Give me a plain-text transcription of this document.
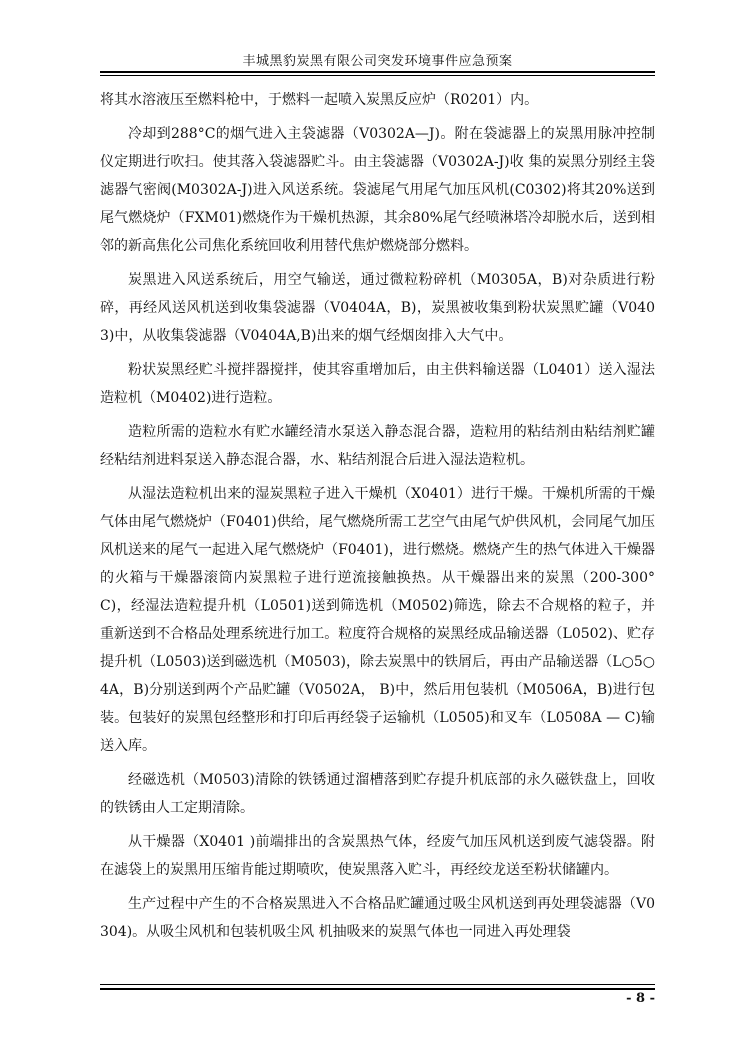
丰城黑豹炭黑有限公司突发环境事件应急预案

将其水溶液压至燃料枪中，于燃料一起喷入炭黑反应炉（R0201）内。

冷却到288°C的烟气进入主袋滤器（V0302A—J)。附在袋滤器上的炭黑用脉冲控制仪定期进行吹扫。使其落入袋滤器贮斗。由主袋滤器（V0302A-J)收 集的炭黑分别经主袋滤器气密阀(M0302A-J)进入风送系统。袋滤尾气用尾气加压风机(C0302)将其20%送到尾气燃烧炉（FXM01)燃烧作为干燥机热源，其余80%尾气经喷淋塔冷却脱水后，送到相邻的新高焦化公司焦化系统回收利用替代焦炉燃烧部分燃料。

炭黑进入风送系统后，用空气输送，通过微粒粉碎机（M0305A，B)对杂质进行粉碎，再经风送风机送到收集袋滤器（V0404A，B)，炭黑被收集到粉状炭黑贮罐（V0403)中，从收集袋滤器（V0404A,B)出来的烟气经烟囱排入大气中。

粉状炭黑经贮斗搅拌器搅拌，使其容重增加后，由主供料输送器（L0401）送入湿法造粒机（M0402)进行造粒。

造粒所需的造粒水有贮水罐经清水泵送入静态混合器，造粒用的粘结剂由粘结剂贮罐经粘结剂进料泵送入静态混合器，水、粘结剂混合后进入湿法造粒机。

从湿法造粒机出来的湿炭黑粒子进入干燥机（X0401）进行干燥。干燥机所需的干燥气体由尾气燃烧炉（F0401)供给，尾气燃烧所需工艺空气由尾气炉供风机，会同尾气加压风机送来的尾气一起进入尾气燃烧炉（F0401)，进行燃烧。燃烧产生的热气体进入干燥器的火箱与干燥器滚筒内炭黑粒子进行逆流接触换热。从干燥器出来的炭黑（200-300°C)，经湿法造粒提升机（L0501)送到筛选机（M0502)筛选，除去不合规格的粒子，并重新送到不合格品处理系统进行加工。粒度符合规格的炭黑经成品输送器（L0502)、贮存提升机（L0503)送到磁选机（M0503)，除去炭黑中的铁屑后，再由产品输送器（L○5○4A，B)分别送到两个产品贮罐（V0502A， B)中，然后用包装机（M0506A，B)进行包装。包装好的炭黑包经整形和打印后再经袋子运输机（L0505)和叉车（L0508A — C)输送入库。

经磁选机（M0503)清除的铁锈通过溜槽落到贮存提升机底部的永久磁铁盘上，回收的铁锈由人工定期清除。

从干燥器（X0401 )前端排出的含炭黑热气体，经废气加压风机送到废气滤袋器。附在滤袋上的炭黑用压缩肯能过期喷吹，使炭黑落入贮斗，再经绞龙送至粉状储罐内。

生产过程中产生的不合格炭黑进入不合格品贮罐通过吸尘风机送到再处理袋滤器（V0304)。从吸尘风机和包装机吸尘风 机抽吸来的炭黑气体也一同进入再处理袋

- 8 -
